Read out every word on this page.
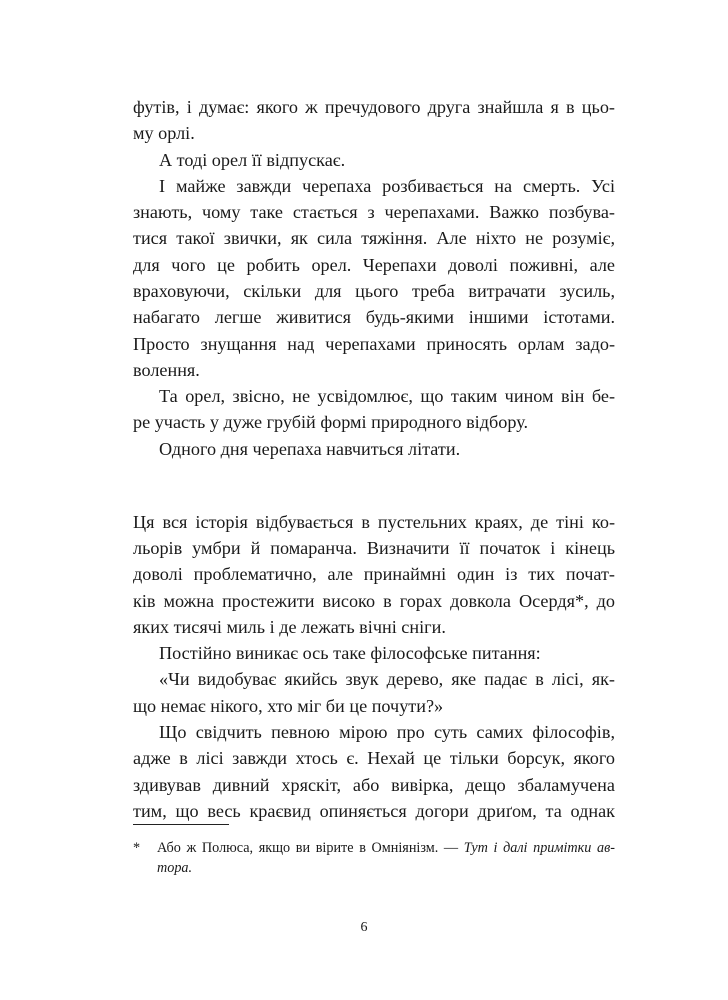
футів, і думає: якого ж пречудового друга знайшла я в цьо-
му орлі.
А тоді орел її відпускає.
І майже завжди черепаха розбивається на смерть. Усі
знають, чому таке стається з черепахами. Важко позбува-
тися такої звички, як сила тяжіння. Але ніхто не розуміє,
для чого це робить орел. Черепахи доволі поживні, але
враховуючи, скільки для цього треба витрачати зусиль,
набагато легше живитися будь-якими іншими істотами.
Просто знущання над черепахами приносять орлам задо-
волення.
Та орел, звісно, не усвідомлює, що таким чином він бе-
ре участь у дуже грубій формі природного відбору.
Одного дня черепаха навчиться літати.
Ця вся історія відбувається в пустельних краях, де тіні ко-
льорів умбри й помаранча. Визначити її початок і кінець
доволі проблематично, але принаймні один із тих почат-
ків можна простежити високо в горах довкола Осердя*, до
яких тисячі миль і де лежать вічні сніги.
Постійно виникає ось таке філософське питання:
«Чи видобуває якийсь звук дерево, яке падає в лісі, як-
що немає нікого, хто міг би це почути?»
Що свідчить певною мірою про суть самих філософів,
адже в лісі завжди хтось є. Нехай це тільки борсук, якого
здивував дивний хряскіт, або вивірка, дещо збаламучена
тим, що весь краєвид опиняється догори дриґом, та однак
* Або ж Полюса, якщо ви вірите в Омніянізм. — Тут і далі примітки ав-
тора.
6
